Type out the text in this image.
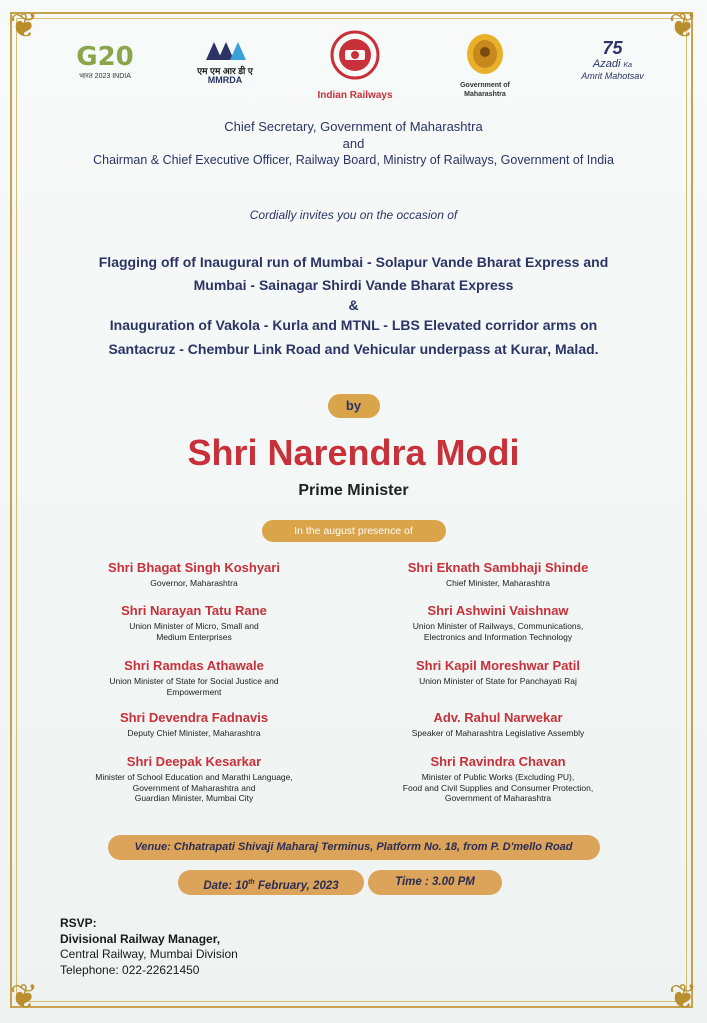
❦	❦
❦	❦
G20
भारत 2023 INDIA
एम एम आर डी ए
MMRDA
Indian Railways
Government of
Maharashtra
75
Azadi Ka
Amrit Mahotsav
Chief Secretary, Government of Maharashtra
and
Chairman & Chief Executive Officer, Railway Board, Ministry of Railways, Government of India
Cordially invites you on the occasion of
Flagging off of Inaugural run of Mumbai - Solapur Vande Bharat Express and
Mumbai - Sainagar Shirdi Vande Bharat Express
&
Inauguration of Vakola - Kurla and MTNL - LBS Elevated corridor arms on
Santacruz - Chembur Link Road and Vehicular underpass at Kurar, Malad.
by
Shri Narendra Modi
Prime Minister
In the august presence of
Shri Bhagat Singh Koshyari
Governor, Maharashtra
Shri Narayan Tatu Rane
Union Minister of Micro, Small and
Medium Enterprises
Shri Ramdas Athawale
Union Minister of State for Social Justice and
Empowerment
Shri Devendra Fadnavis
Deputy Chief Minister, Maharashtra
Shri Deepak Kesarkar
Minister of School Education and Marathi Language,
Government of Maharashtra and
Guardian Minister, Mumbai City
Shri Eknath Sambhaji Shinde
Chief Minister, Maharashtra
Shri Ashwini Vaishnaw
Union Minister of Railways, Communications,
Electronics and Information Technology
Shri Kapil Moreshwar Patil
Union Minister of State for Panchayati Raj
Adv. Rahul Narwekar
Speaker of Maharashtra Legislative Assembly
Shri Ravindra Chavan
Minister of Public Works (Excluding PU),
Food and Civil Supplies and Consumer Protection,
Government of Maharashtra
Venue: Chhatrapati Shivaji Maharaj Terminus, Platform No. 18, from P. D'mello Road
Date: 10th February, 2023	Time : 3.00 PM
RSVP:
Divisional Railway Manager,
Central Railway, Mumbai Division
Telephone: 022-22621450
